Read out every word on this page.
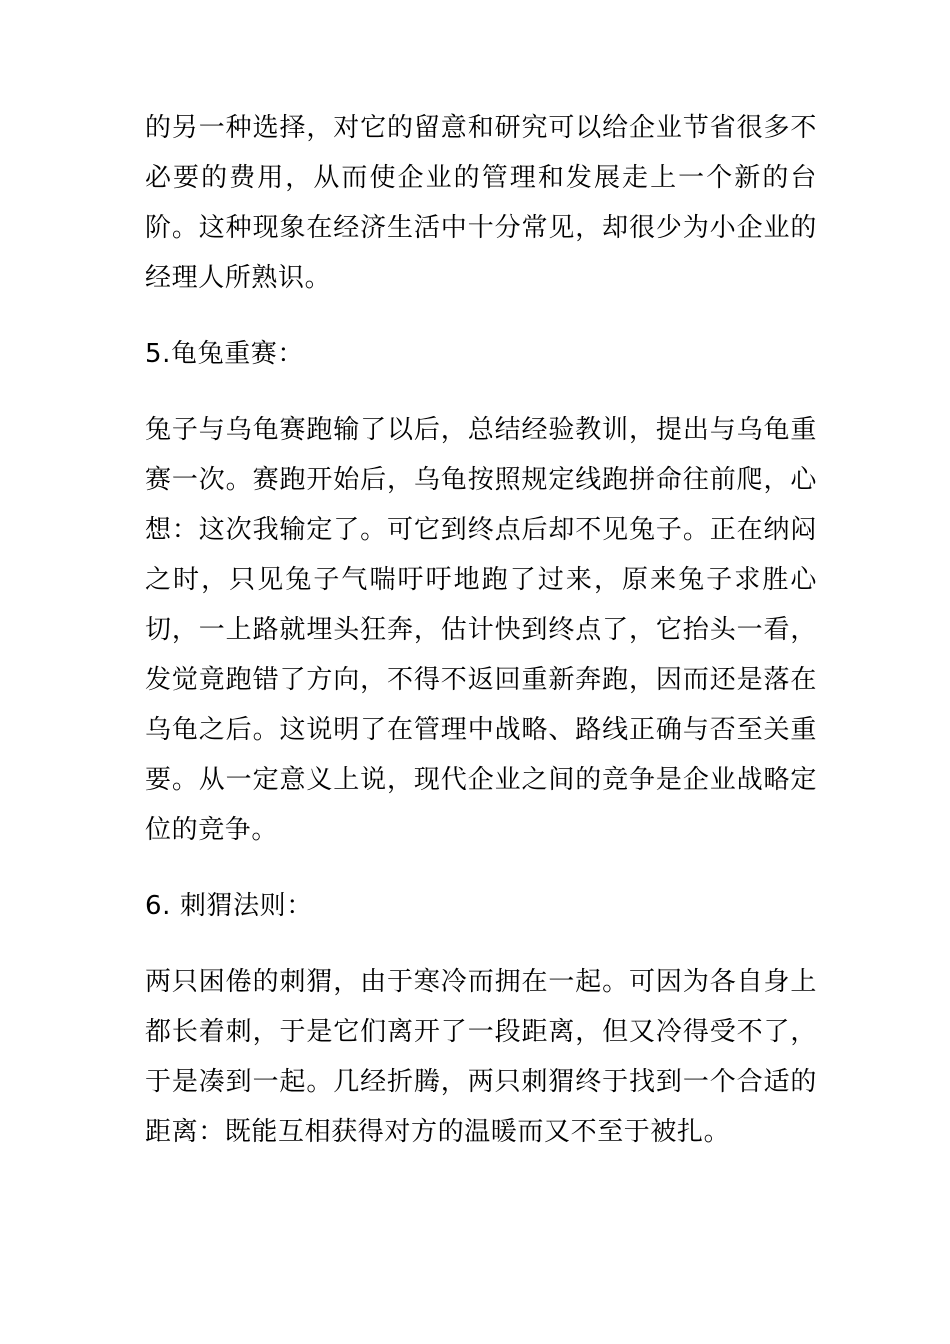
的另一种选择，对它的留意和研究可以给企业节省很多不必要的费用，从而使企业的管理和发展走上一个新的台阶。这种现象在经济生活中十分常见，却很少为小企业的经理人所熟识。

5.龟兔重赛：

兔子与乌龟赛跑输了以后，总结经验教训，提出与乌龟重赛一次。赛跑开始后，乌龟按照规定线跑拼命往前爬，心想：这次我输定了。可它到终点后却不见兔子。正在纳闷之时，只见兔子气喘吁吁地跑了过来，原来兔子求胜心切，一上路就埋头狂奔，估计快到终点了，它抬头一看，发觉竟跑错了方向，不得不返回重新奔跑，因而还是落在乌龟之后。这说明了在管理中战略、路线正确与否至关重要。从一定意义上说，现代企业之间的竞争是企业战略定位的竞争。

6. 刺猬法则：

两只困倦的刺猬，由于寒冷而拥在一起。可因为各自身上都长着刺，于是它们离开了一段距离，但又冷得受不了，于是凑到一起。几经折腾，两只刺猬终于找到一个合适的距离：既能互相获得对方的温暖而又不至于被扎。
